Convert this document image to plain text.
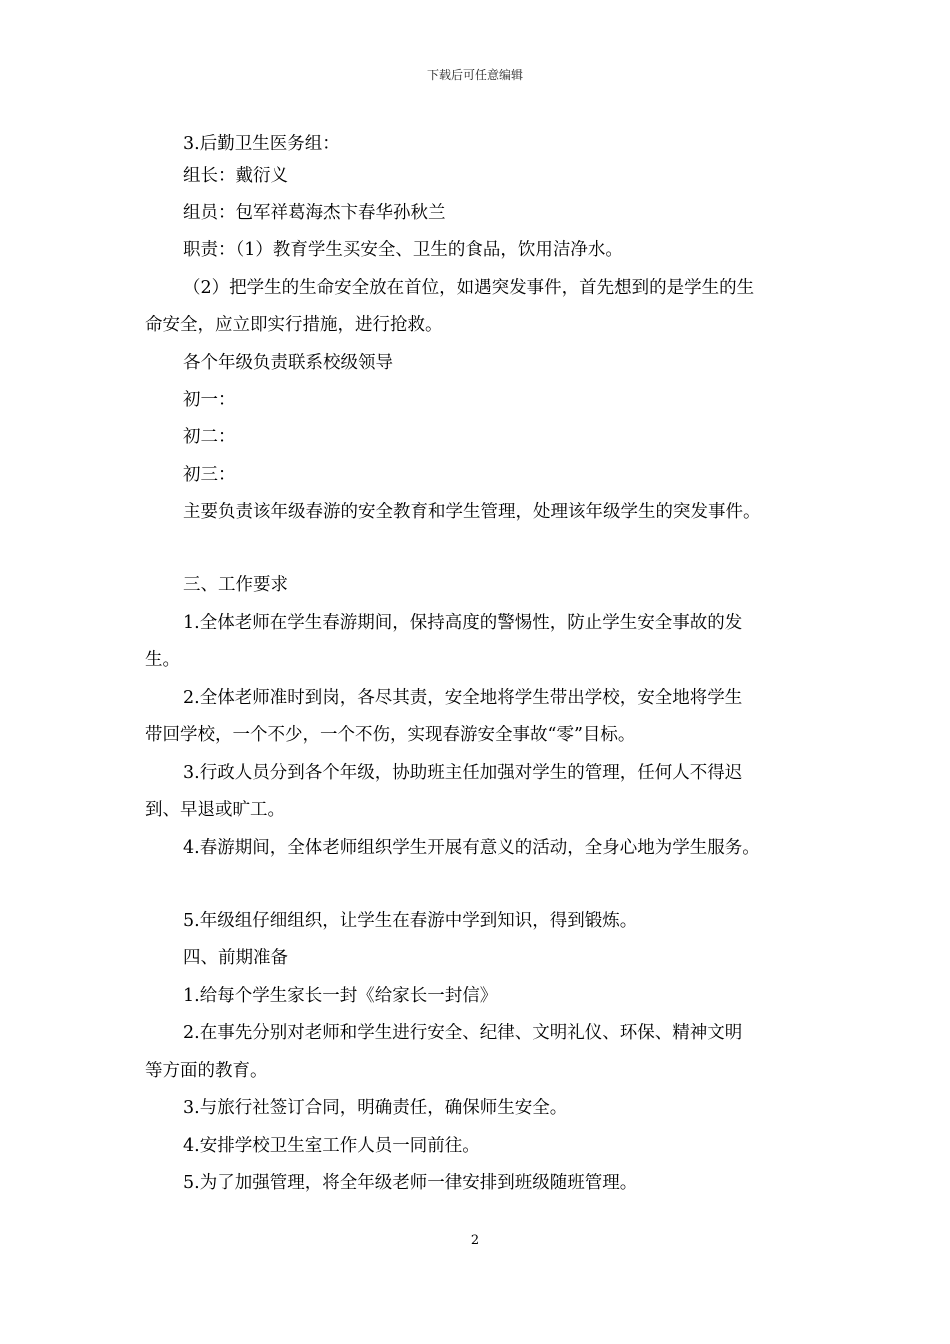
下载后可任意编辑
3.后勤卫生医务组：
组长：戴衍义
组员：包军祥葛海杰卞春华孙秋兰
职责：（1）教育学生买安全、卫生的食品，饮用洁净水。
（2）把学生的生命安全放在首位，如遇突发事件，首先想到的是学生的生
命安全，应立即实行措施，进行抢救。
各个年级负责联系校级领导
初一：
初二：
初三：
主要负责该年级春游的安全教育和学生管理，处理该年级学生的突发事件。
三、工作要求
1.全体老师在学生春游期间，保持高度的警惕性，防止学生安全事故的发
生。
2.全体老师准时到岗，各尽其责，安全地将学生带出学校，安全地将学生
带回学校，一个不少，一个不伤，实现春游安全事故“零”目标。
3.行政人员分到各个年级，协助班主任加强对学生的管理，任何人不得迟
到、早退或旷工。
4.春游期间，全体老师组织学生开展有意义的活动，全身心地为学生服务。
5.年级组仔细组织，让学生在春游中学到知识，得到锻炼。
四、前期准备
1.给每个学生家长一封《给家长一封信》
2.在事先分别对老师和学生进行安全、纪律、文明礼仪、环保、精神文明
等方面的教育。
3.与旅行社签订合同，明确责任，确保师生安全。
4.安排学校卫生室工作人员一同前往。
5.为了加强管理，将全年级老师一律安排到班级随班管理。
2
